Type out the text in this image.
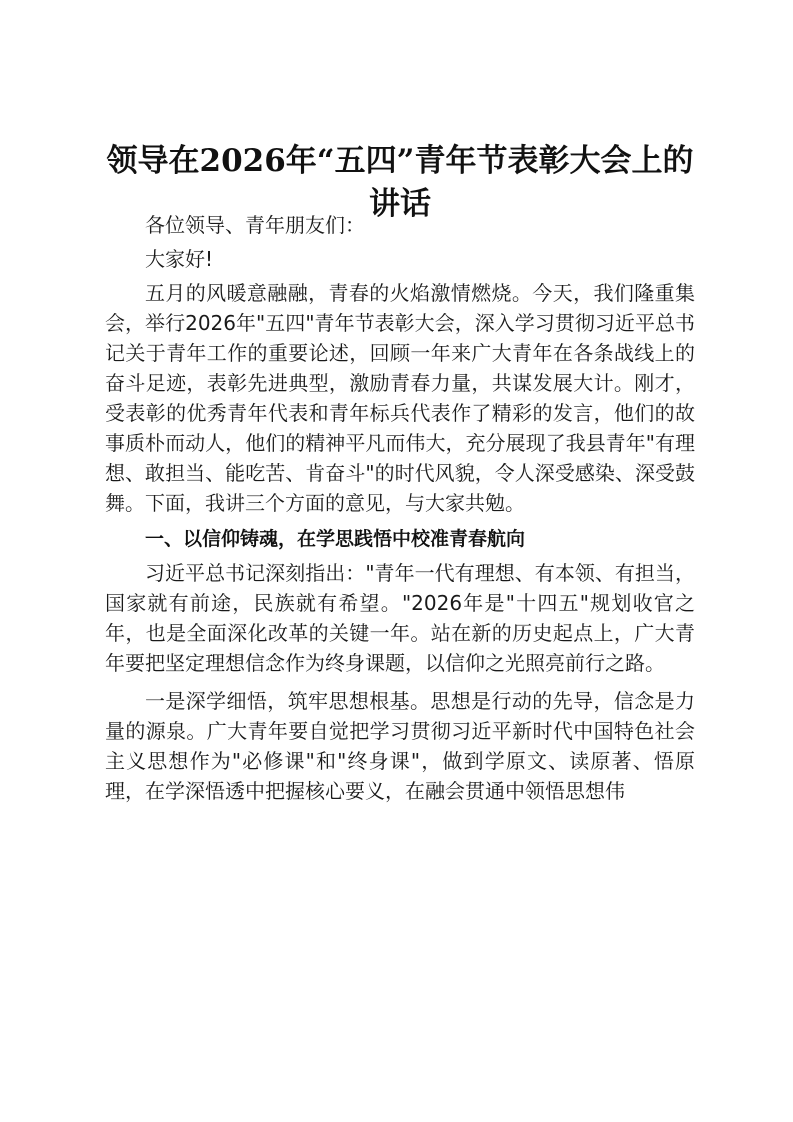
领导在2026年“五四”青年节表彰大会上的讲话

各位领导、青年朋友们：

大家好!

五月的风暖意融融，青春的火焰激情燃烧。今天，我们隆重集会，举行2026年"五四"青年节表彰大会，深入学习贯彻习近平总书记关于青年工作的重要论述，回顾一年来广大青年在各条战线上的奋斗足迹，表彰先进典型，激励青春力量，共谋发展大计。刚才，受表彰的优秀青年代表和青年标兵代表作了精彩的发言，他们的故事质朴而动人，他们的精神平凡而伟大，充分展现了我县青年"有理想、敢担当、能吃苦、肯奋斗"的时代风貌，令人深受感染、深受鼓舞。下面，我讲三个方面的意见，与大家共勉。

一、以信仰铸魂，在学思践悟中校准青春航向

习近平总书记深刻指出："青年一代有理想、有本领、有担当，国家就有前途，民族就有希望。"2026年是"十四五"规划收官之年，也是全面深化改革的关键一年。站在新的历史起点上，广大青年要把坚定理想信念作为终身课题，以信仰之光照亮前行之路。

一是深学细悟，筑牢思想根基。思想是行动的先导，信念是力量的源泉。广大青年要自觉把学习贯彻习近平新时代中国特色社会主义思想作为"必修课"和"终身课"，做到学原文、读原著、悟原理，在学深悟透中把握核心要义，在融会贯通中领悟思想伟
